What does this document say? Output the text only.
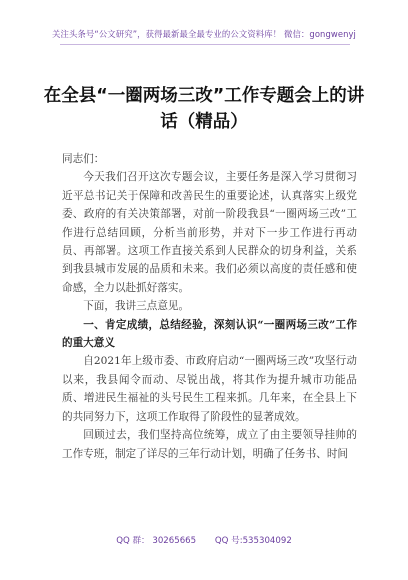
关注头条号“公文研究”，获得最新最全最专业的公文资料库！ 微信：gongwenyj
在全县“一圈两场三改”工作专题会上的讲话（精品）

同志们：

今天我们召开这次专题会议，主要任务是深入学习贯彻习近平总书记关于保障和改善民生的重要论述，认真落实上级党委、政府的有关决策部署，对前一阶段我县“一圈两场三改”工作进行总结回顾，分析当前形势，并对下一步工作进行再动员、再部署。这项工作直接关系到人民群众的切身利益，关系到我县城市发展的品质和未来。我们必须以高度的责任感和使命感，全力以赴抓好落实。

下面，我讲三点意见。

一、肯定成绩，总结经验，深刻认识“一圈两场三改”工作的重大意义

自2021年上级市委、市政府启动“一圈两场三改”攻坚行动以来，我县闻令而动、尽锐出战，将其作为提升城市功能品质、增进民生福祉的头号民生工程来抓。几年来，在全县上下的共同努力下，这项工作取得了阶段性的显著成效。

回顾过去，我们坚持高位统筹，成立了由主要领导挂帅的工作专班，制定了详尽的三年行动计划，明确了任务书、时间

QQ 群： 30265665 QQ 号:535304092
